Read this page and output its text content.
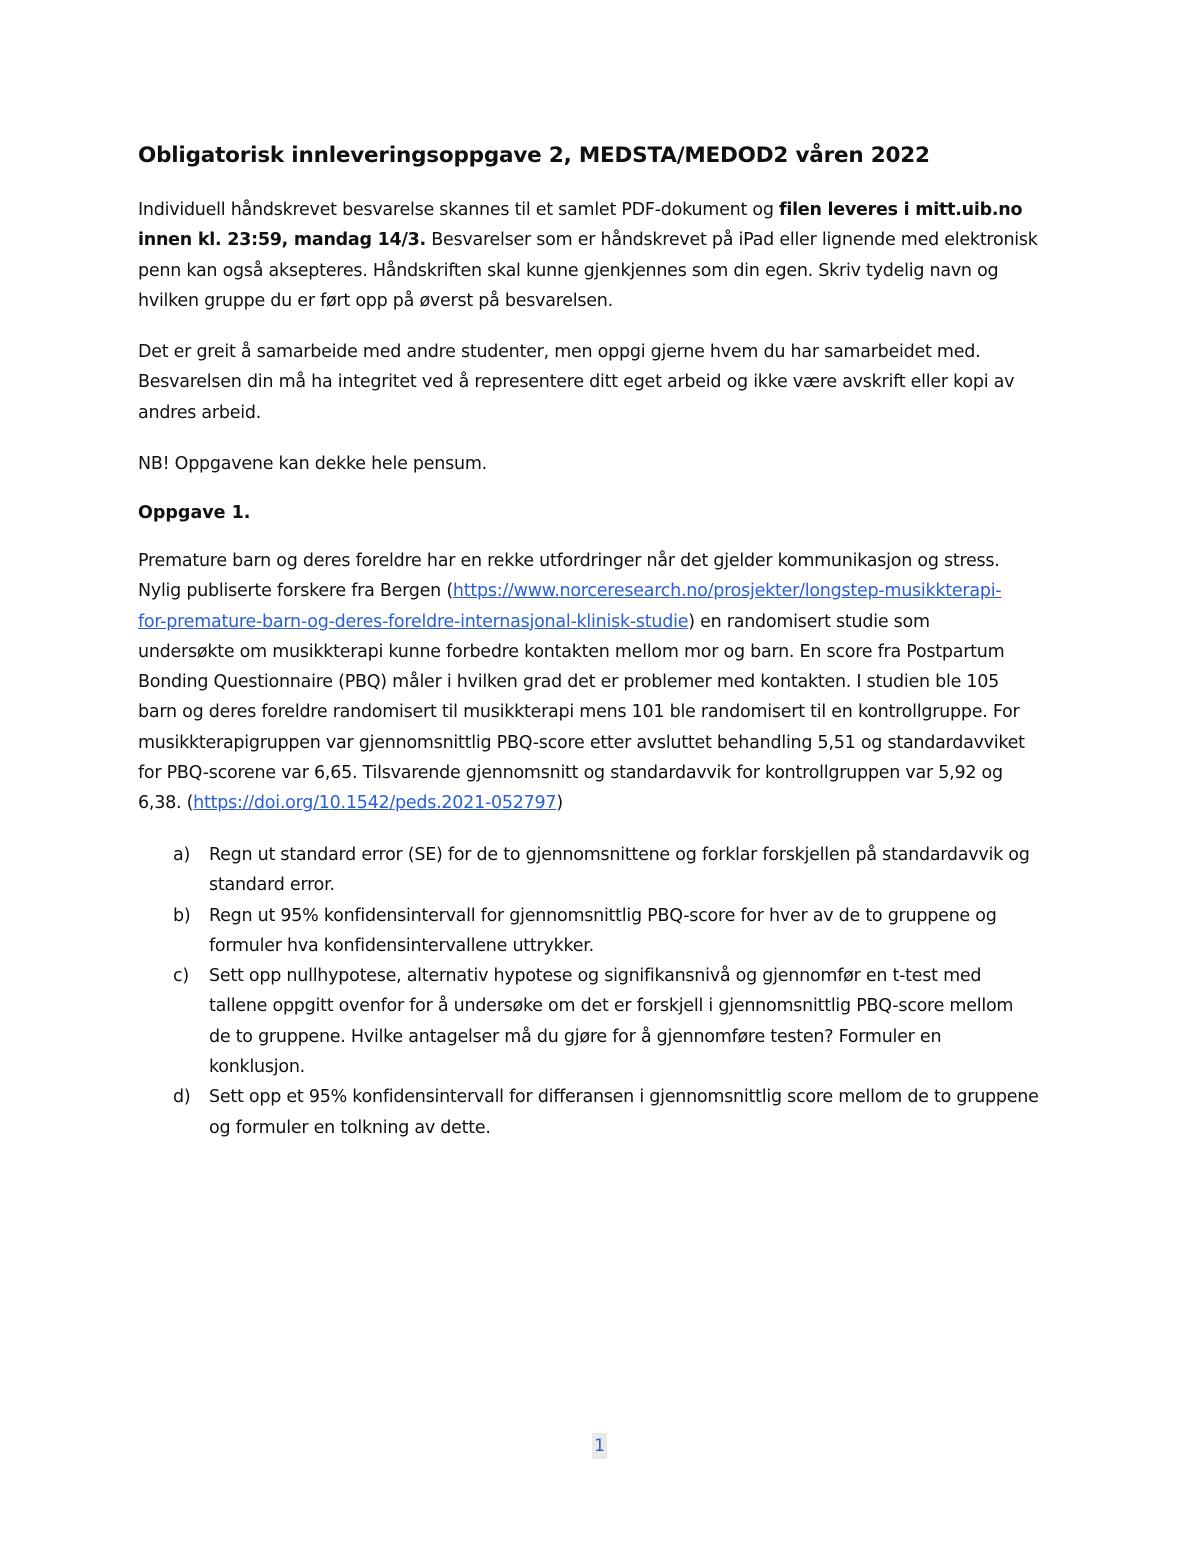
Obligatorisk innleveringsoppgave 2, MEDSTA/MEDOD2 våren 2022

Individuell håndskrevet besvarelse skannes til et samlet PDF-dokument og filen leveres i mitt.uib.no
innen kl. 23:59, mandag 14/3. Besvarelser som er håndskrevet på iPad eller lignende med elektronisk
penn kan også aksepteres. Håndskriften skal kunne gjenkjennes som din egen. Skriv tydelig navn og
hvilken gruppe du er ført opp på øverst på besvarelsen.

Det er greit å samarbeide med andre studenter, men oppgi gjerne hvem du har samarbeidet med.
Besvarelsen din må ha integritet ved å representere ditt eget arbeid og ikke være avskrift eller kopi av
andres arbeid.

NB! Oppgavene kan dekke hele pensum.

Oppgave 1.

Premature barn og deres foreldre har en rekke utfordringer når det gjelder kommunikasjon og stress.
Nylig publiserte forskere fra Bergen (https://www.norceresearch.no/prosjekter/longstep-musikkterapi-
for-premature-barn-og-deres-foreldre-internasjonal-klinisk-studie) en randomisert studie som
undersøkte om musikkterapi kunne forbedre kontakten mellom mor og barn. En score fra Postpartum
Bonding Questionnaire (PBQ) måler i hvilken grad det er problemer med kontakten. I studien ble 105
barn og deres foreldre randomisert til musikkterapi mens 101 ble randomisert til en kontrollgruppe. For
musikkterapigruppen var gjennomsnittlig PBQ-score etter avsluttet behandling 5,51 og standardavviket
for PBQ-scorene var 6,65. Tilsvarende gjennomsnitt og standardavvik for kontrollgruppen var 5,92 og
6,38. (https://doi.org/10.1542/peds.2021-052797)

a) Regn ut standard error (SE) for de to gjennomsnittene og forklar forskjellen på standardavvik og
standard error.
b) Regn ut 95% konfidensintervall for gjennomsnittlig PBQ-score for hver av de to gruppene og
formuler hva konfidensintervallene uttrykker.
c) Sett opp nullhypotese, alternativ hypotese og signifikansnivå og gjennomfør en t-test med
tallene oppgitt ovenfor for å undersøke om det er forskjell i gjennomsnittlig PBQ-score mellom
de to gruppene. Hvilke antagelser må du gjøre for å gjennomføre testen? Formuler en
konklusjon.
d) Sett opp et 95% konfidensintervall for differansen i gjennomsnittlig score mellom de to gruppene
og formuler en tolkning av dette.
1
